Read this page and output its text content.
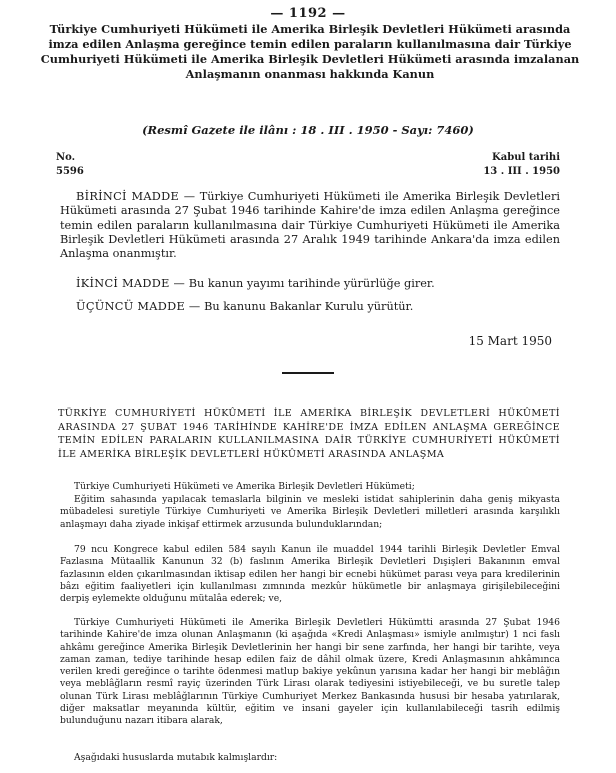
— 1192 —
Türkiye Cumhuriyeti Hükümeti ile Amerika Birleşik Devletleri Hükümeti arasında imza edilen Anlaşma gereğince temin edilen paraların kullanılmasına dair Türkiye Cumhuriyeti Hükümeti ile Amerika Birleşik Devletleri Hükümeti arasında imzalanan Anlaşmanın onanması hakkında Kanun
(Resmî Gazete ile ilânı : 18 . III . 1950 - Sayı: 7460)
No.
5596
Kabul tarihi
13 . III . 1950
BİRİNCİ MADDE — Türkiye Cumhuriyeti Hükümeti ile Amerika Birleşik Devletleri Hükümeti arasında 27 Şubat 1946 tarihinde Kahire'de imza edilen Anlaşma gereğince temin edilen paraların kullanılmasına dair Türkiye Cumhuriyeti Hükümeti ile Amerika Birleşik Devletleri Hükümeti arasında 27 Aralık 1949 tarihinde Ankara'da imza edilen Anlaşma onanmıştır.
İKİNCİ MADDE — Bu kanun yayımı tarihinde yürürlüğe girer.
ÜÇÜNCÜ MADDE — Bu kanunu Bakanlar Kurulu yürütür.
15 Mart 1950
TÜRKİYE CUMHURİYETİ HÜKÛMETİ İLE AMERİKA BİRLEŞİK DEVLETLERİ HÜKÛMETİ ARASINDA 27 ŞUBAT 1946 TARİHİNDE KAHİRE'DE İMZA EDİLEN ANLAŞMA GEREĞİNCE TEMİN EDİLEN PARALARIN KULLANILMASINA DAİR TÜRKİYE CUMHURİYETİ HÜKÛMETİ İLE AMERİKA BİRLEŞİK DEVLETLERİ HÜKÛMETİ ARASINDA ANLAŞMA
Türkiye Cumhuriyeti Hükümeti ve Amerika Birleşik Devletleri Hükümeti;
Eğitim sahasında yapılacak temaslarla bilginin ve mesleki istidat sahiplerinin daha geniş mikyasta mübadelesi suretiyle Türkiye Cumhuriyeti ve Amerika Birleşik Devletleri milletleri arasında karşılıklı anlaşmayı daha ziyade inkişaf ettirmek arzusunda bulunduklarından;
79 ncu Kongrece kabul edilen 584 sayılı Kanun ile muaddel 1944 tarihli Birleşik Devletler Emval Fazlasına Mütaallik Kanunun 32 (b) faslının Amerika Birleşik Devletleri Dışişleri Bakanının emval fazlasının elden çıkarılmasından iktisap edilen her hangi bir ecnebi hükümet parası veya para kredilerinin bâzı eğitim faaliyetleri için kullanılması zımnında mezkûr hükümetle bir anlaşmaya girişilebileceğini derpiş eylemekte olduğunu mütalâa ederek; ve,
Türkiye Cumhuriyeti Hükümeti ile Amerika Birleşik Devletleri Hükümtti arasında 27 Şubat 1946 tarihinde Kahire'de imza olunan Anlaşmanın (ki aşağıda «Kredi Anlaşması» ismiyle anılmıştır) 1 nci faslı ahkâmı gereğince Amerika Birleşik Devletlerinin her hangi bir sene zarfında, her hangi bir tarihte, veya zaman zaman, tediye tarihinde hesap edilen faiz de dâhil olmak üzere, Kredi Anlaşmasının ahkâmınca verilen kredi gereğince o tarihte ödenmesi matlup bakiye yekûnun yarısına kadar her hangi bir meblâğın veya meblâğların resmî rayiç üzerinden Türk Lirası olarak tediyesini istiyebileceği, ve bu suretle talep olunan Türk Lirası meblâğlarının Türkiye Cumhuriyet Merkez Bankasında hususi bir hesaba yatırılarak, diğer maksatlar meyanında kültür, eğitim ve insani gayeler için kullanılabileceği tasrih edilmiş bulunduğunu nazarı itibara alarak,
Aşağıdaki hususlarda mutabık kalmışlardır:
